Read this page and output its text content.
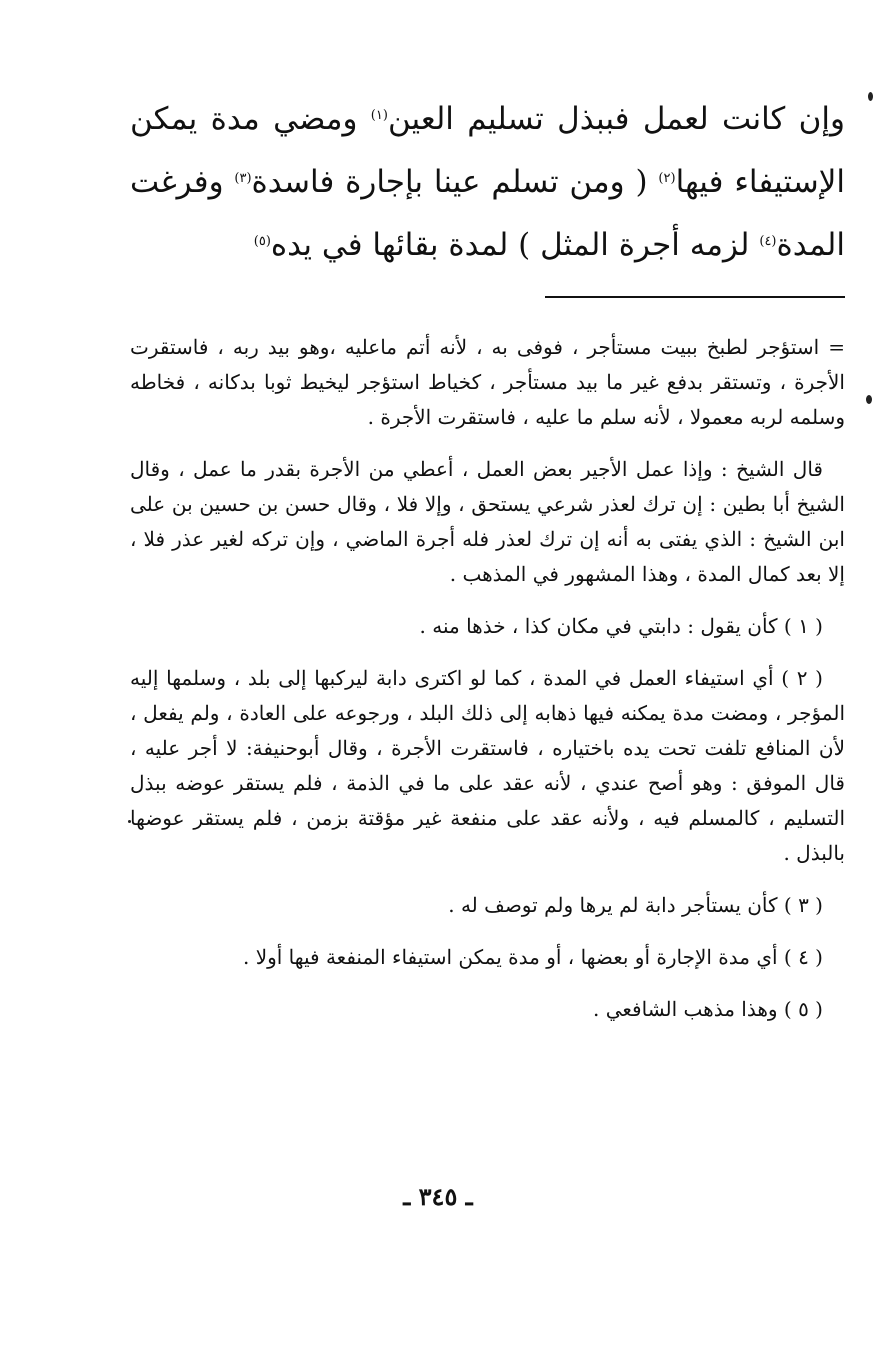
وإن كانت لعمل فببذل تسليم العين$^{(١)}$ ومضي مدة يمكن الإستيفاء فيها$^{(٢)}$ ( ومن تسلم عينا بإجارة فاسدة$^{(٣)}$ وفرغت المدة$^{(٤)}$ لزمه أجرة المثل ) لمدة بقائها في يده$^{(٥)}$

= استؤجر لطبخ ببيت مستأجر ، فوفى به ، لأنه أتم ماعليه ،وهو بيد ربه ، فاستقرت الأجرة ، وتستقر بدفع غير ما بيد مستأجر ، كخياط استؤجر ليخيط ثوبا بدكانه ، فخاطه وسلمه لربه معمولا ، لأنه سلم ما عليه ، فاستقرت الأجرة .

قال الشيخ : وإذا عمل الأجير بعض العمل ، أعطي من الأجرة بقدر ما عمل ، وقال الشيخ أبا بطين : إن ترك لعذر شرعي يستحق ، وإلا فلا ، وقال حسن بن حسين بن على ابن الشيخ : الذي يفتى به أنه إن ترك لعذر فله أجرة الماضي ، وإن تركه لغير عذر فلا ، إلا بعد كمال المدة ، وهذا المشهور في المذهب .

( ١ ) كأن يقول : دابتي في مكان كذا ، خذها منه .

( ٢ ) أي استيفاء العمل في المدة ، كما لو اكترى دابة ليركبها إلى بلد ، وسلمها إليه المؤجر ، ومضت مدة يمكنه فيها ذهابه إلى ذلك البلد ، ورجوعه على العادة ، ولم يفعل ، لأن المنافع تلفت تحت يده باختياره ، فاستقرت الأجرة ، وقال أبوحنيفة: لا أجر عليه ، قال الموفق : وهو أصح عندي ، لأنه عقد على ما في الذمة ، فلم يستقر عوضه ببذل التسليم ، كالمسلم فيه ، ولأنه عقد على منفعة غير مؤقتة بزمن ، فلم يستقر عوضها بالبذل .

( ٣ ) كأن يستأجر دابة لم يرها ولم توصف له .

( ٤ ) أي مدة الإجارة أو بعضها ، أو مدة يمكن استيفاء المنفعة فيها أولا .

( ٥ ) وهذا مذهب الشافعي .

ـ ٣٤٥ ـ
